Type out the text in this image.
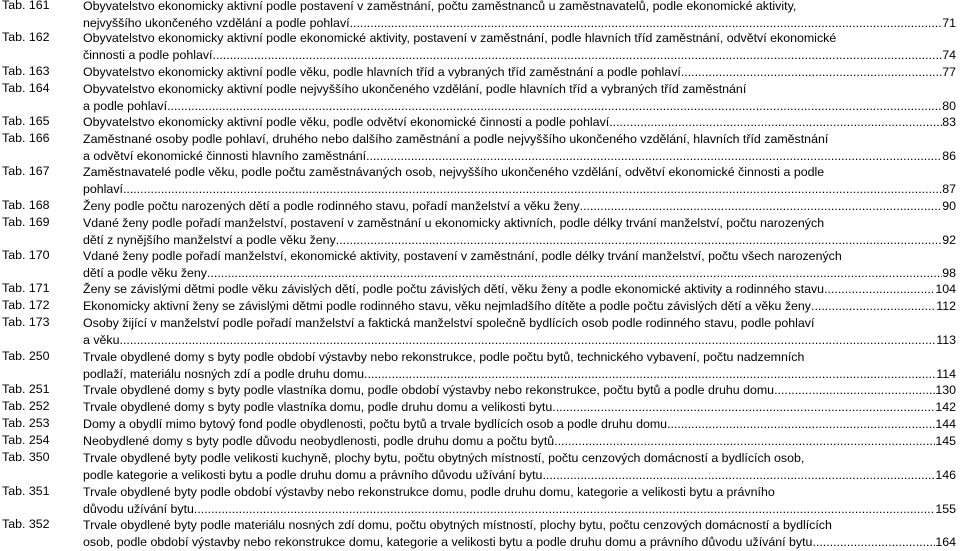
Tab. 161	Obyvatelstvo ekonomicky aktivní podle postavení v zaměstnání, počtu zaměstnanců u zaměstnavatelů, podle ekonomické aktivity,
nejvyššího ukončeného vzdělání a podle pohlaví .....	71
Tab. 162	Obyvatelstvo ekonomicky aktivní podle ekonomické aktivity, postavení v zaměstnání, podle hlavních tříd zaměstnání, odvětví ekonomické
činnosti a podle pohlaví .....	74
Tab. 163	Obyvatelstvo ekonomicky aktivní podle věku, podle hlavních tříd a vybraných tříd zaměstnání a podle pohlaví .....	77
Tab. 164	Obyvatelstvo ekonomicky aktivní podle nejvyššího ukončeného vzdělání, podle hlavních tříd a vybraných tříd zaměstnání
a podle pohlaví .....	80
Tab. 165	Obyvatelstvo ekonomicky aktivní podle věku, podle odvětví ekonomické činnosti a podle pohlaví .....	83
Tab. 166	Zaměstnané osoby podle pohlaví, druhého nebo dalšího zaměstnání a podle nejvyššího ukončeného vzdělání, hlavních tříd zaměstnání
a odvětví ekonomické činnosti hlavního zaměstnání .....	86
Tab. 167	Zaměstnavatelé podle věku, podle počtu zaměstnávaných osob, nejvyššího ukončeného vzdělání, odvětví ekonomické činnosti a podle
pohlaví .....	87
Tab. 168	Ženy podle počtu narozených dětí a podle rodinného stavu, pořadí manželství a věku ženy .....	90
Tab. 169	Vdané ženy podle pořadí manželství, postavení v zaměstnání u ekonomicky aktivních, podle délky trvání manželství, počtu narozených
dětí z nynějšího manželství a podle věku ženy .....	92
Tab. 170	Vdané ženy podle pořadí manželství, ekonomické aktivity, postavení v zaměstnání, podle délky trvání manželství, počtu všech narozených
dětí a podle věku ženy .....	98
Tab. 171	Ženy se závislými dětmi podle věku závislých dětí, podle počtu závislých dětí, věku ženy a podle ekonomické aktivity a rodinného stavu .....	104
Tab. 172	Ekonomicky aktivní ženy se závislými dětmi podle rodinného stavu, věku nejmladšího dítěte a podle počtu závislých dětí a věku ženy .....	112
Tab. 173	Osoby žijící v manželství podle pořadí manželství a faktická manželství společně bydlících osob podle rodinného stavu, podle pohlaví
a věku .....	113
Tab. 250	Trvale obydlené domy s byty podle období výstavby nebo rekonstrukce, podle počtu bytů, technického vybavení, počtu nadzemních
podlaží, materiálu nosných zdí a podle druhu domu .....	114
Tab. 251	Trvale obydlené domy s byty podle vlastníka domu, podle období výstavby nebo rekonstrukce, počtu bytů a podle druhu domu .....	130
Tab. 252	Trvale obydlené domy s byty podle vlastníka domu, podle druhu domu a velikosti bytu .....	142
Tab. 253	Domy a obydlí mimo bytový fond podle obydlenosti, počtu bytů a trvale bydlících osob a podle druhu domu .....	144
Tab. 254	Neobydlené domy s byty podle důvodu neobydlenosti, podle druhu domu a počtu bytů .....	145
Tab. 350	Trvale obydlené byty podle velikosti kuchyně, plochy bytu, počtu obytných místností, počtu cenzových domácností a bydlících osob,
podle kategorie a velikosti bytu a podle druhu domu a právního důvodu užívání bytu .....	146
Tab. 351	Trvale obydlené byty podle období výstavby nebo rekonstrukce domu, podle druhu domu, kategorie a velikosti bytu a právního
důvodu užívání bytu .....	155
Tab. 352	Trvale obydlené byty podle materiálu nosných zdí domu, počtu obytných místností, plochy bytu, počtu cenzových domácností a bydlících
osob, podle období výstavby nebo rekonstrukce domu, kategorie a velikosti bytu a podle druhu domu a právního důvodu užívání bytu .....	164
